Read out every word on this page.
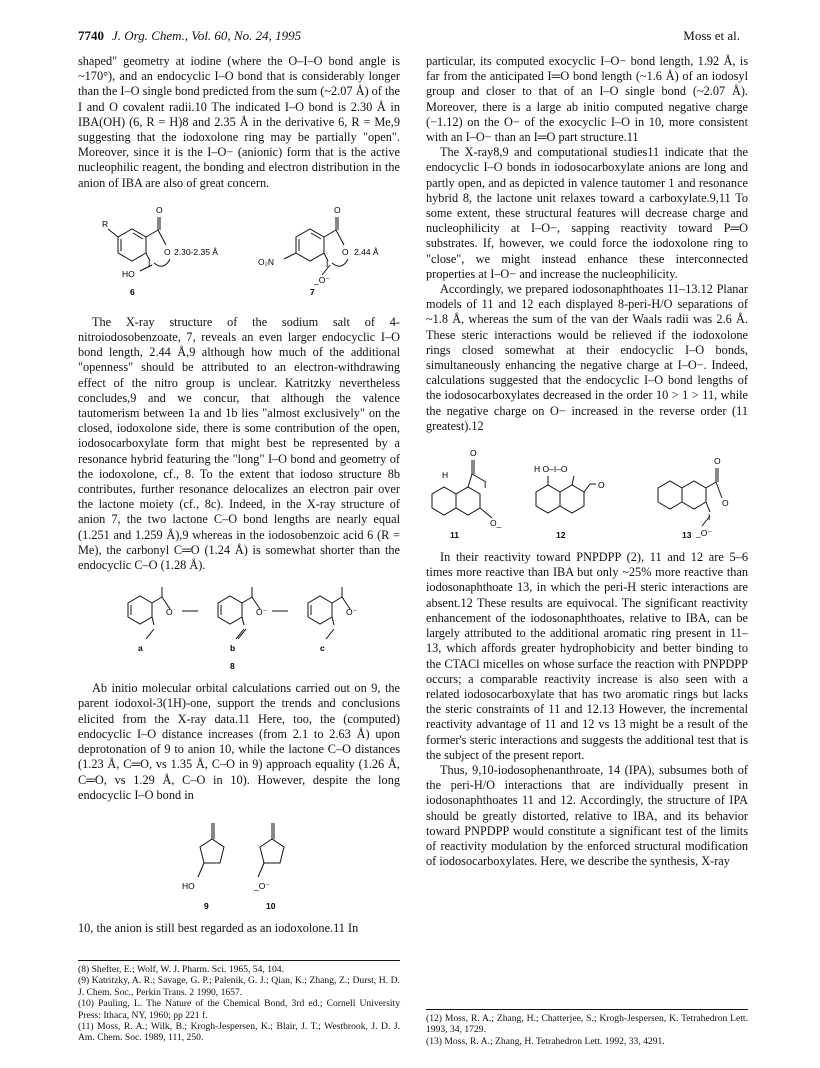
7740 J. Org. Chem., Vol. 60, No. 24, 1995	Moss et al.

shaped" geometry at iodine (where the O–I–O bond angle is ~170°), and an endocyclic I–O bond that is considerably longer than the I–O single bond predicted from the sum (~2.07 Å) of the I and O covalent radii.10 The indicated I–O bond is 2.30 Å in IBA(OH) (6, R = H)8 and 2.35 Å in the derivative 6, R = Me,9 suggesting that the iodoxolone ring may be partially "open". Moreover, since it is the I–O− (anionic) form that is the active nucleophilic reagent, the bonding and electron distribution in the anion of IBA are also of great concern.

R
O
O
I
2.30-2.35 Å
HO
6
O₂N
O
O
I
_O⁻
2.44 Å
7

The X-ray structure of the sodium salt of 4-nitroiodosobenzoate, 7, reveals an even larger endocyclic I–O bond length, 2.44 Å,9 although how much of the additional "openness" should be attributed to an electron-withdrawing effect of the nitro group is unclear. Katritzky nevertheless concludes,9 and we concur, that although the valence tautomerism between 1a and 1b lies "almost exclusively" on the closed, iodoxolone side, there is some contribution of the open, iodosocarboxylate form that might best be represented by a resonance hybrid featuring the "long" I–O bond and geometry of the iodoxolone, cf., 8. To the extent that iodoso structure 8b contributes, further resonance delocalizes an electron pair over the lactone moiety (cf., 8c). Indeed, in the X-ray structure of anion 7, the two lactone C–O bond lengths are nearly equal (1.251 and 1.259 Å),9 whereas in the iodosobenzoic acid 6 (R = Me), the carbonyl C═O (1.24 Å) is somewhat shorter than the endocyclic C–O (1.28 Å).

O	O⁻	O⁻
a	b	c
8

Ab initio molecular orbital calculations carried out on 9, the parent iodoxol-3(1H)-one, support the trends and conclusions elicited from the X-ray data.11 Here, too, the (computed) endocyclic I–O distance increases (from 2.1 to 2.63 Å) upon deprotonation of 9 to anion 10, while the lactone C–O distances (1.23 Å, C═O, vs 1.35 Å, C–O in 9) approach equality (1.26 Å, C═O, vs 1.29 Å, C–O in 10). However, despite the long endocyclic I–O bond in

HO
9
_O⁻
10

10, the anion is still best regarded as an iodoxolone.11 In

(8) Shefter, E.; Wolf, W. J. Pharm. Sci. 1965, 54, 104.

(9) Katritzky, A. R.; Savage, G. P.; Palenik, G. J.; Qian, K.; Zhang, Z.; Durst, H. D. J. Chem. Soc., Perkin Trans. 2 1990, 1657.

(10) Pauling, L. The Nature of the Chemical Bond, 3rd ed.; Cornell University Press: Ithaca, NY, 1960; pp 221 f.

(11) Moss, R. A.; Wilk, B.; Krogh-Jespersen, K.; Blair, J. T.; Westbrook, J. D. J. Am. Chem. Soc. 1989, 111, 250.

particular, its computed exocyclic I–O− bond length, 1.92 Å, is far from the anticipated I═O bond length (~1.6 Å) of an iodosyl group and closer to that of an I–O single bond (~2.07 Å). Moreover, there is a large ab initio computed negative charge (−1.12) on the O− of the exocyclic I–O in 10, more consistent with an I–O− than an I═O part structure.11

The X-ray8,9 and computational studies11 indicate that the endocyclic I–O bonds in iodosocarboxylate anions are long and partly open, and as depicted in valence tautomer 1 and resonance hybrid 8, the lactone unit relaxes toward a carboxylate.9,11 To some extent, these structural features will decrease charge and nucleophilicity at I–O−, sapping reactivity toward P═O substrates. If, however, we could force the iodoxolone ring to "close", we might instead enhance these interconnected properties at I–O− and increase the nucleophilicity.

Accordingly, we prepared iodosonaphthoates 11–13.12 Planar models of 11 and 12 each displayed 8-peri-H/O separations of ~1.8 Å, whereas the sum of the van der Waals radii was 2.6 Å. These steric interactions would be relieved if the iodoxolone rings closed somewhat at their endocyclic I–O bonds, simultaneously enhancing the negative charge at I–O−. Indeed, calculations suggested that the endocyclic I–O bond lengths of the iodosocarboxylates decreased in the order 10 > 1 > 11, while the negative charge on O− increased in the reverse order (11 greatest).12

H
O
I
O_
H O–I–O
O
O
O
I
_O⁻
11	12	13

In their reactivity toward PNPDPP (2), 11 and 12 are 5–6 times more reactive than IBA but only ~25% more reactive than iodosonaphthoate 13, in which the peri-H steric interactions are absent.12 These results are equivocal. The significant reactivity enhancement of the iodosonaphthoates, relative to IBA, can be largely attributed to the additional aromatic ring present in 11–13, which affords greater hydrophobicity and better binding to the CTACl micelles on whose surface the reaction with PNPDPP occurs; a comparable reactivity increase is also seen with a related iodosocarboxylate that has two aromatic rings but lacks the steric constraints of 11 and 12.13 However, the incremental reactivity advantage of 11 and 12 vs 13 might be a result of the former's steric interactions and suggests the additional test that is the subject of the present report.

Thus, 9,10-iodosophenanthroate, 14 (IPA), subsumes both of the peri-H/O interactions that are individually present in iodosonaphthoates 11 and 12. Accordingly, the structure of IPA should be greatly distorted, relative to IBA, and its behavior toward PNPDPP would constitute a significant test of the limits of reactivity modulation by the enforced structural modification of iodosocarboxylates. Here, we describe the synthesis, X-ray

(12) Moss, R. A.; Zhang, H.; Chatterjee, S.; Krogh-Jespersen, K. Tetrahedron Lett. 1993, 34, 1729.

(13) Moss, R. A.; Zhang, H. Tetrahedron Lett. 1992, 33, 4291.
